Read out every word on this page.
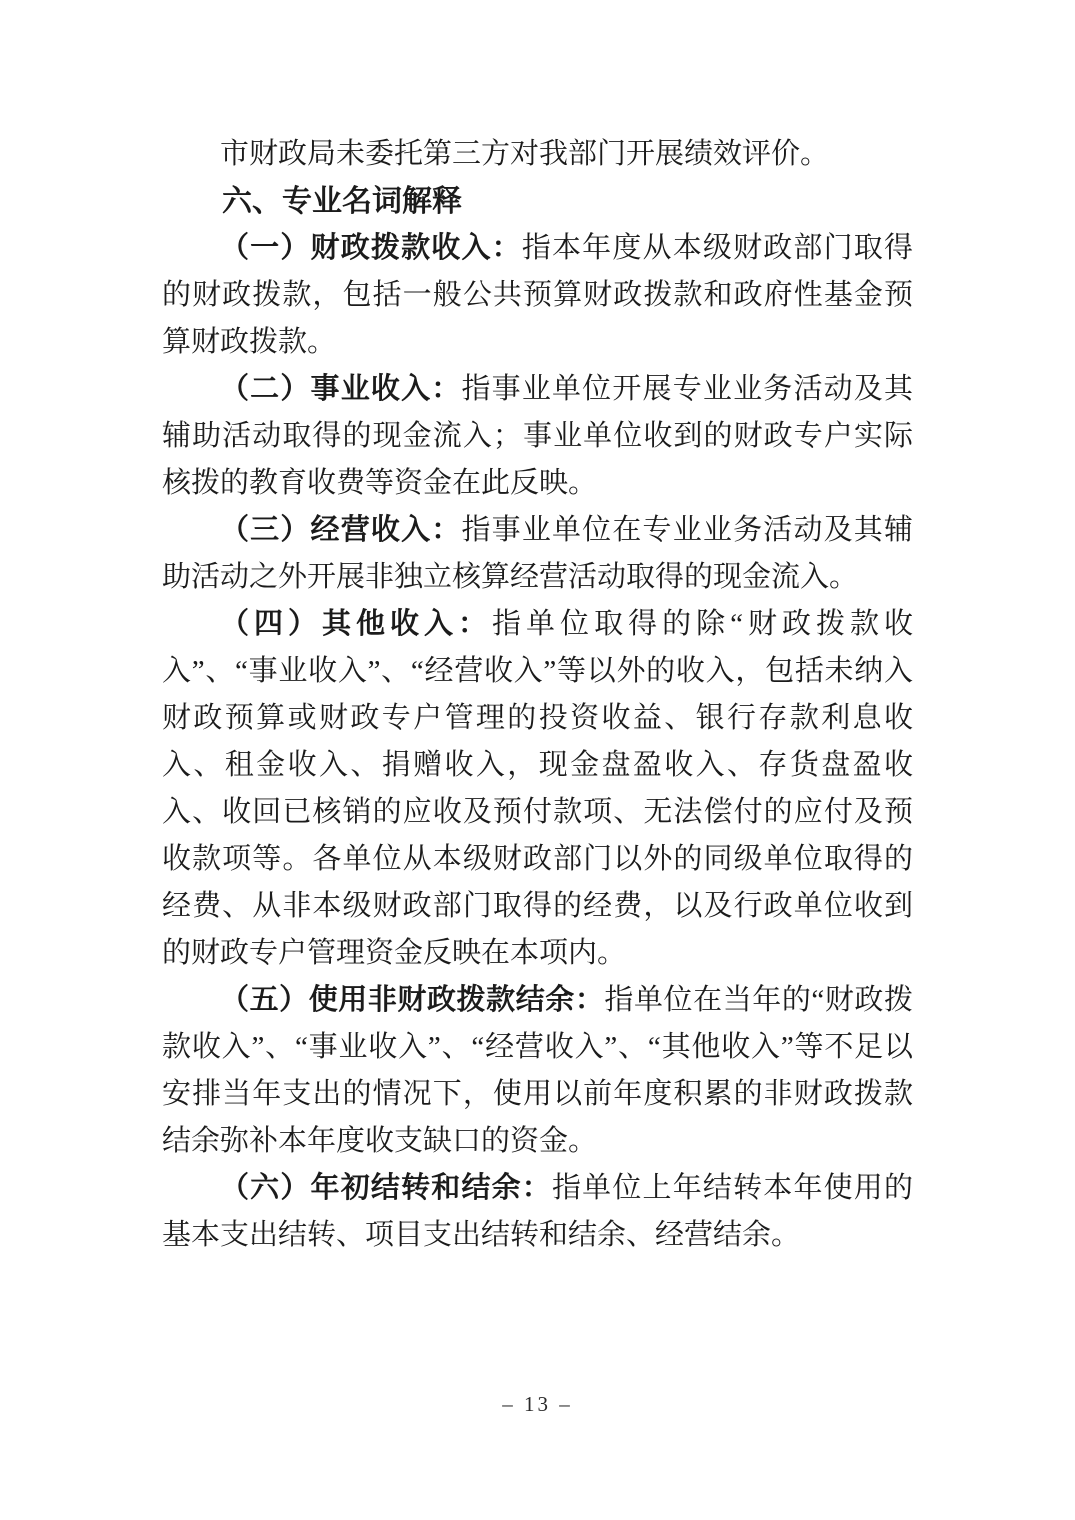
市财政局未委托第三方对我部门开展绩效评价。

六、专业名词解释

（一）财政拨款收入：指本年度从本级财政部门取得的财政拨款，包括一般公共预算财政拨款和政府性基金预算财政拨款。

（二）事业收入：指事业单位开展专业业务活动及其辅助活动取得的现金流入；事业单位收到的财政专户实际核拨的教育收费等资金在此反映。

（三）经营收入：指事业单位在专业业务活动及其辅助活动之外开展非独立核算经营活动取得的现金流入。

（四）其他收入：指单位取得的除“财政拨款收入”、“事业收入”、“经营收入”等以外的收入，包括未纳入财政预算或财政专户管理的投资收益、银行存款利息收入、租金收入、捐赠收入，现金盘盈收入、存货盘盈收入、收回已核销的应收及预付款项、无法偿付的应付及预收款项等。各单位从本级财政部门以外的同级单位取得的经费、从非本级财政部门取得的经费，以及行政单位收到的财政专户管理资金反映在本项内。

（五）使用非财政拨款结余：指单位在当年的“财政拨款收入”、“事业收入”、“经营收入”、“其他收入”等不足以安排当年支出的情况下，使用以前年度积累的非财政拨款结余弥补本年度收支缺口的资金。

（六）年初结转和结余：指单位上年结转本年使用的基本支出结转、项目支出结转和结余、经营结余。

– 13 –
